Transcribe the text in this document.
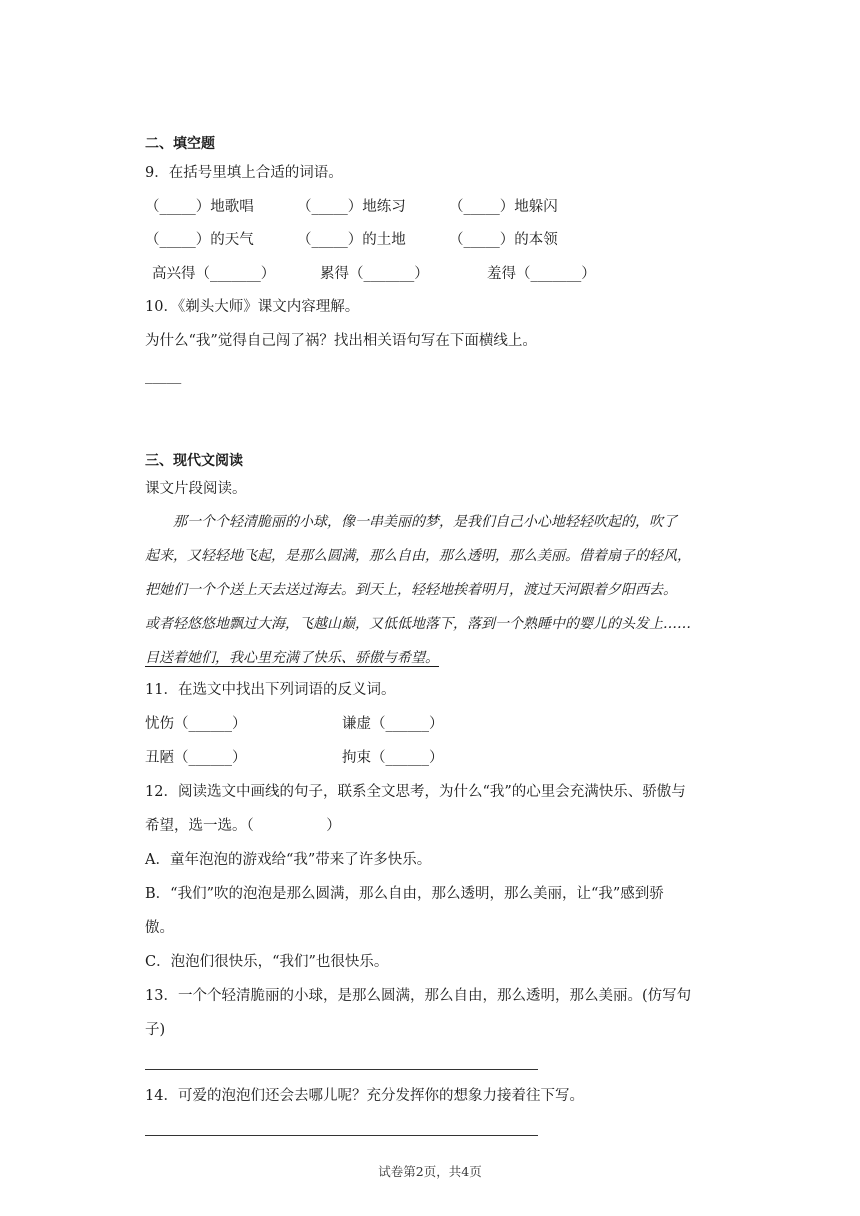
二、填空题
9．在括号里填上合适的词语。
（_____）地歌唱	（_____）地练习	（_____）地躲闪
（_____）的天气	（_____）的土地	（_____）的本领
高兴得（_______）	累得（_______）	羞得（_______）
10．《剃头大师》课文内容理解。
为什么“我”觉得自己闯了祸？找出相关语句写在下面横线上。
_____
三、现代文阅读
课文片段阅读。
　　那一个个轻清脆丽的小球，像一串美丽的梦，是我们自己小心地轻轻吹起的，吹了
起来，又轻轻地飞起，是那么圆满，那么自由，那么透明，那么美丽。借着扇子的轻风，
把她们一个个送上天去送过海去。到天上，轻轻地挨着明月，渡过天河跟着夕阳西去。
或者轻悠悠地飘过大海，飞越山巅，又低低地落下，落到一个熟睡中的婴儿的头发上……
目送着她们，我心里充满了快乐、骄傲与希望。
11．在选文中找出下列词语的反义词。
忧伤（______）	谦虚（______）
丑陋（______）	拘束（______）
12．阅读选文中画线的句子，联系全文思考，为什么“我”的心里会充满快乐、骄傲与
希望，选一选。（　　　　　）
A．童年泡泡的游戏给“我”带来了许多快乐。
B．“我们”吹的泡泡是那么圆满，那么自由，那么透明，那么美丽，让“我”感到骄
傲。
C．泡泡们很快乐，“我们”也很快乐。
13．一个个轻清脆丽的小球，是那么圆满，那么自由，那么透明，那么美丽。(仿写句
子)
14．可爱的泡泡们还会去哪儿呢？充分发挥你的想象力接着往下写。
试卷第2页，共4页
